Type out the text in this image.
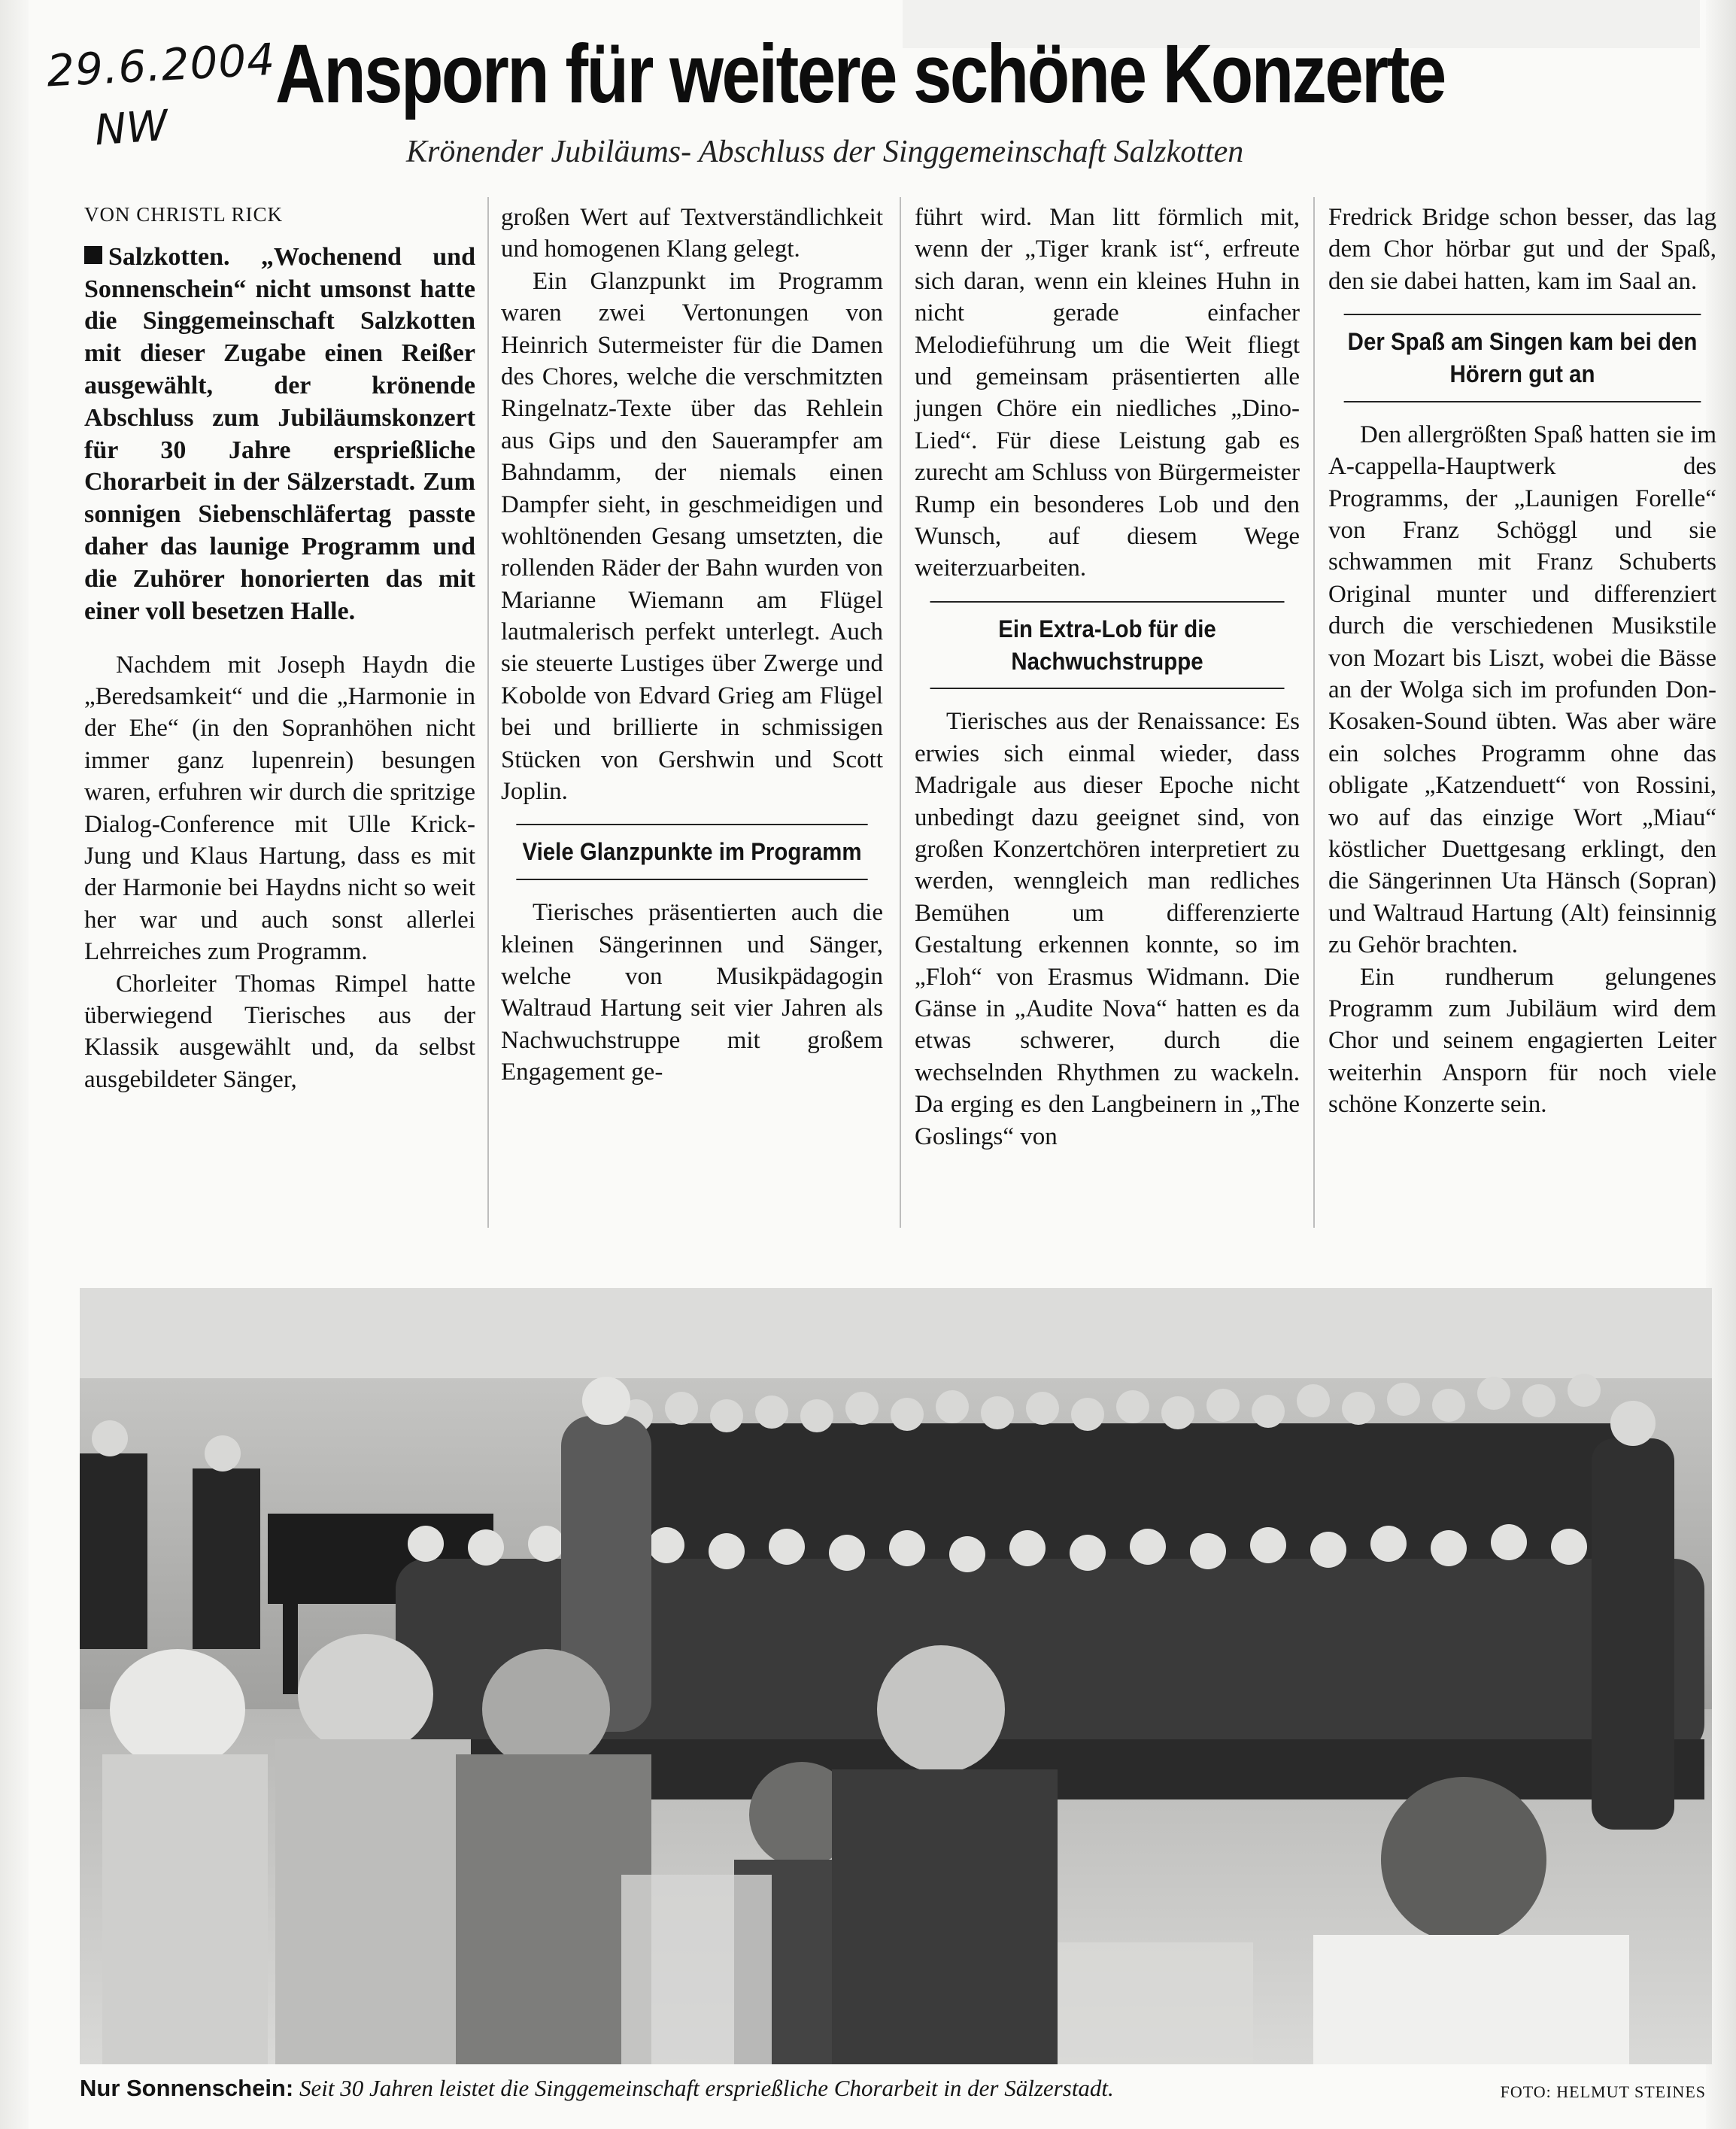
29.6.2004
NW
Ansporn für weitere schöne Konzerte
Krönender Jubiläums- Abschluss der Singgemeinschaft Salzkotten
VON CHRISTL RICK

Salzkotten. „Wochenend und Sonnenschein“ nicht umsonst hatte die Singgemeinschaft Salzkotten mit dieser Zugabe einen Reißer ausgewählt, der krönende Abschluss zum Jubiläumskonzert für 30 Jahre ersprießliche Chorarbeit in der Sälzerstadt. Zum sonnigen Siebenschläfertag passte daher das launige Programm und die Zuhörer honorierten das mit einer voll besetzen Halle.

Nachdem mit Joseph Haydn die „Beredsamkeit“ und die „Harmonie in der Ehe“ (in den Sopranhöhen nicht immer ganz lupenrein) besungen waren, erfuhren wir durch die spritzige Dialog-Conference mit Ulle Krick-Jung und Klaus Hartung, dass es mit der Harmonie bei Haydns nicht so weit her war und auch sonst allerlei Lehrreiches zum Programm.

Chorleiter Thomas Rimpel hatte überwiegend Tierisches aus der Klassik ausgewählt und, da selbst ausgebildeter Sänger,

großen Wert auf Textverständlichkeit und homogenen Klang gelegt.

Ein Glanzpunkt im Programm waren zwei Vertonungen von Heinrich Sutermeister für die Damen des Chores, welche die verschmitzten Ringelnatz-Texte über das Rehlein aus Gips und den Sauerampfer am Bahndamm, der niemals einen Dampfer sieht, in geschmeidigen und wohltönenden Gesang umsetzten, die rollenden Räder der Bahn wurden von Marianne Wiemann am Flügel lautmalerisch perfekt unterlegt. Auch sie steuerte Lustiges über Zwerge und Kobolde von Edvard Grieg am Flügel bei und brillierte in schmissigen Stücken von Gershwin und Scott Joplin.

Viele Glanzpunkte im Programm

Tierisches präsentierten auch die kleinen Sängerinnen und Sänger, welche von Musikpädagogin Waltraud Hartung seit vier Jahren als Nachwuchstruppe mit großem Engagement ge-

führt wird. Man litt förmlich mit, wenn der „Tiger krank ist“, erfreute sich daran, wenn ein kleines Huhn in nicht gerade einfacher Melodieführung um die Weit fliegt und gemeinsam präsentierten alle jungen Chöre ein niedliches „Dino-Lied“. Für diese Leistung gab es zurecht am Schluss von Bürgermeister Rump ein besonderes Lob und den Wunsch, auf diesem Wege weiterzuarbeiten.

Ein Extra-Lob für die Nachwuchstruppe

Tierisches aus der Renaissance: Es erwies sich einmal wieder, dass Madrigale aus dieser Epoche nicht unbedingt dazu geeignet sind, von großen Konzertchören interpretiert zu werden, wenngleich man redliches Bemühen um differenzierte Gestaltung erkennen konnte, so im „Floh“ von Erasmus Widmann. Die Gänse in „Audite Nova“ hatten es da etwas schwerer, durch die wechselnden Rhythmen zu wackeln. Da erging es den Langbeinern in „The Goslings“ von

Fredrick Bridge schon besser, das lag dem Chor hörbar gut und der Spaß, den sie dabei hatten, kam im Saal an.

Der Spaß am Singen kam bei den Hörern gut an

Den allergrößten Spaß hatten sie im A-cappella-Hauptwerk des Programms, der „Launigen Forelle“ von Franz Schöggl und sie schwammen mit Franz Schuberts Original munter und differenziert durch die verschiedenen Musikstile von Mozart bis Liszt, wobei die Bässe an der Wolga sich im profunden Don-Kosaken-Sound übten. Was aber wäre ein solches Programm ohne das obligate „Katzenduett“ von Rossini, wo auf das einzige Wort „Miau“ köstlicher Duettgesang erklingt, den die Sängerinnen Uta Hänsch (Sopran) und Waltraud Hartung (Alt) feinsinnig zu Gehör brachten.

Ein rundherum gelungenes Programm zum Jubiläum wird dem Chor und seinem engagierten Leiter weiterhin Ansporn für noch viele schöne Konzerte sein.

Nur Sonnenschein: Seit 30 Jahren leistet die Singgemeinschaft ersprießliche Chorarbeit in der Sälzerstadt.	FOTO: HELMUT STEINES
